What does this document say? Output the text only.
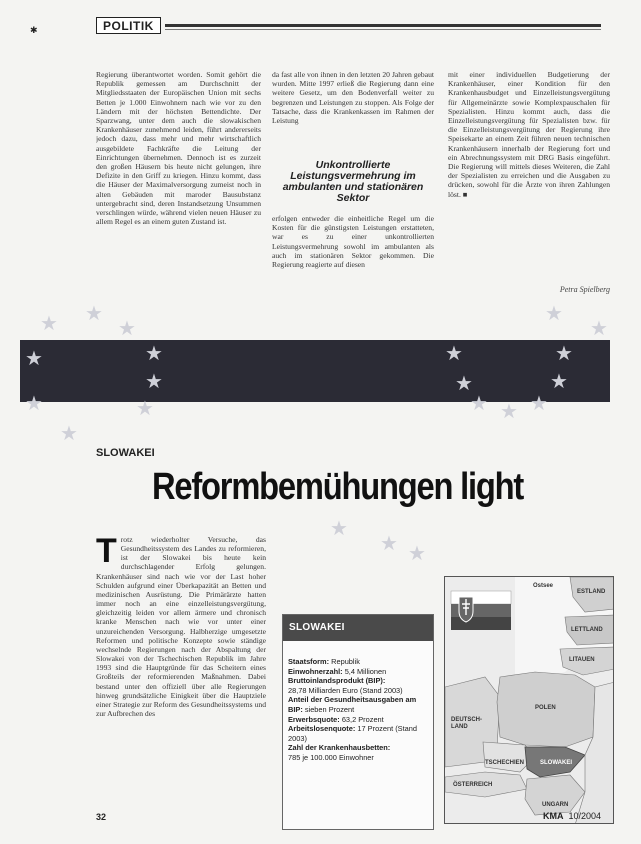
✱	POLITIK

Regierung überantwortet worden. Somit gehört die Republik gemessen am Durchschnitt der Mitgliedsstaaten der Europäischen Union mit sechs Betten je 1.000 Einwohnern nach wie vor zu den Ländern mit der höchsten Bettendichte. Der Sparzwang, unter dem auch die slowakischen Krankenhäuser zunehmend leiden, führt andererseits jedoch dazu, dass mehr und mehr wirtschaftlich ausgebildete Fachkräfte die Leitung der Einrichtungen übernehmen. Dennoch ist es zurzeit den großen Häusern bis heute nicht gelungen, ihre Defizite in den Griff zu kriegen. Hinzu kommt, dass die Häuser der Maximalversorgung zumeist noch in alten Gebäuden mit maroder Bausubstanz untergebracht sind, deren Instandsetzung Unsummen verschlingen würde, während vielen neuen Häuser zu allem Regel es an einem guten Zustand ist.

da fast alle von ihnen in den letzten 20 Jahren gebaut wurden. Mitte 1997 erließ die Regierung dann eine weitere Gesetz, um den Bodenverfall weiter zu begrenzen und Leistungen zu stoppen. Als Folge der Tatsache, dass die Krankenkassen im Rahmen der Leistung

Unkontrollierte Leistungsvermehrung im ambulanten und stationären Sektor

erfolgen entweder die einheitliche Regel um die Kosten für die günstigsten Leistungen erstatteten, war es zu einer unkontrollierten Leistungsvermehrung sowohl im ambulanten als auch im stationären Sektor gekommen. Die Regierung reagierte auf diesen

mit einer individuellen Budgetierung der Krankenhäuser, einer Kondition für den Krankenhausbudget und Einzelleistungsvergütung für Allgemeinärzte sowie Komplexpauschalen für Spezialisten. Hinzu kommt auch, dass die Einzelleistungsvergütung für Spezialisten bzw. für die Einzelleistungsvergütung der Regierung ihre Speisekarte an einem Zeit führen neuen technischen Krankenhäusern innerhalb der Regierung fort und ein Abrechnungssystem mit DRG Basis eingeführt. Die Regierung will mittels dieses Weiteren, die Zahl der Spezialisten zu erreichen und die Ausgaben zu drücken, sowohl für die Ärzte von ihren Zahlungen löst. ■

Petra Spielberg
★ ★
★
★
★
★
★
★
★
★
★
★
★
★ ★ ★
★
★
★
★ ★
SLOWAKEI
Reformbemühungen light
T rotz wiederholter Versuche, das Gesundheitssystem des Landes zu reformieren, ist der Slowakei bis heute kein durchschlagender Erfolg gelungen. Krankenhäuser sind nach wie vor der Last hoher Schulden aufgrund einer Überkapazität an Betten und medizinischen Ausrüstung. Die Primärärzte hatten immer noch an eine einzelleistungsvergütung, gleichzeitig leiden vor allem ärmere und chronisch kranke Menschen nach wie vor unter einer unzureichenden Versorgung. Halbherzige umgesetzte Reformen und politische Konzepte sowie ständige wechselnde Regierungen nach der Abspaltung der Slowakei von der Tschechischen Republik im Jahre 1993 sind die Hauptgründe für das Scheitern eines Großteils der reformierenden Maßnahmen. Dabei bestand unter den offiziell über alle Regierungen hinweg grundsätzliche Einigkeit über die Hauptziele einer Strategie zur Reform des Gesundheitssystems und zur Aufbrechen des
SLOWAKEI
Staatsform: Republik
Einwohnerzahl: 5,4 Millionen
Bruttoinlandsprodukt (BIP):
28,78 Milliarden Euro (Stand 2003)
Anteil der Gesundheitsausgaben am BIP: sieben Prozent
Erwerbsquote: 63,2 Prozent
Arbeitslosenquote: 17 Prozent (Stand 2003)
Zahl der Krankenhausbetten:
785 je 100.000 Einwohner
Ostsee
ESTLAND
LETTLAND
LITAUEN
DEUTSCH-LAND
POLEN
TSCHECHIEN	SLOWAKEI
ÖSTERREICH
UNGARN
32	KMA 10/2004
